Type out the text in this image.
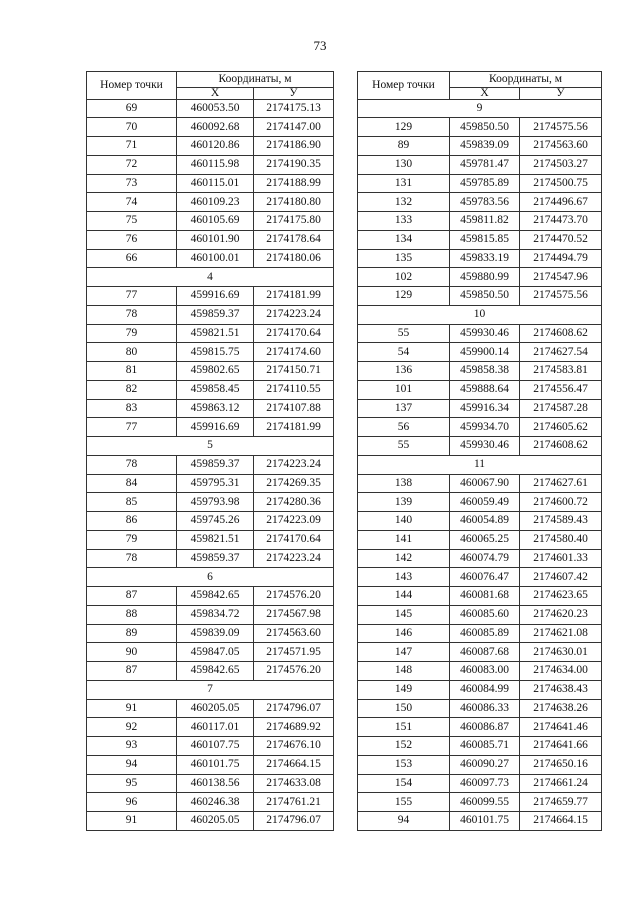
73
Номер точки	Координаты, м	
	X	У
69	460053.50	2174175.13
70	460092.68	2174147.00
71	460120.86	2174186.90
72	460115.98	2174190.35
73	460115.01	2174188.99
74	460109.23	2174180.80
75	460105.69	2174175.80
76	460101.90	2174178.64
66	460100.01	2174180.06
4		
77	459916.69	2174181.99
78	459859.37	2174223.24
79	459821.51	2174170.64
80	459815.75	2174174.60
81	459802.65	2174150.71
82	459858.45	2174110.55
83	459863.12	2174107.88
77	459916.69	2174181.99
5		
78	459859.37	2174223.24
84	459795.31	2174269.35
85	459793.98	2174280.36
86	459745.26	2174223.09
79	459821.51	2174170.64
78	459859.37	2174223.24
6		
87	459842.65	2174576.20
88	459834.72	2174567.98
89	459839.09	2174563.60
90	459847.05	2174571.95
87	459842.65	2174576.20
7		
91	460205.05	2174796.07
92	460117.01	2174689.92
93	460107.75	2174676.10
94	460101.75	2174664.15
95	460138.56	2174633.08
96	460246.38	2174761.21
91	460205.05	2174796.07
Номер точки	Координаты, м	
	X	У
9		
129	459850.50	2174575.56
89	459839.09	2174563.60
130	459781.47	2174503.27
131	459785.89	2174500.75
132	459783.56	2174496.67
133	459811.82	2174473.70
134	459815.85	2174470.52
135	459833.19	2174494.79
102	459880.99	2174547.96
129	459850.50	2174575.56
10		
55	459930.46	2174608.62
54	459900.14	2174627.54
136	459858.38	2174583.81
101	459888.64	2174556.47
137	459916.34	2174587.28
56	459934.70	2174605.62
55	459930.46	2174608.62
11		
138	460067.90	2174627.61
139	460059.49	2174600.72
140	460054.89	2174589.43
141	460065.25	2174580.40
142	460074.79	2174601.33
143	460076.47	2174607.42
144	460081.68	2174623.65
145	460085.60	2174620.23
146	460085.89	2174621.08
147	460087.68	2174630.01
148	460083.00	2174634.00
149	460084.99	2174638.43
150	460086.33	2174638.26
151	460086.87	2174641.46
152	460085.71	2174641.66
153	460090.27	2174650.16
154	460097.73	2174661.24
155	460099.55	2174659.77
94	460101.75	2174664.15
